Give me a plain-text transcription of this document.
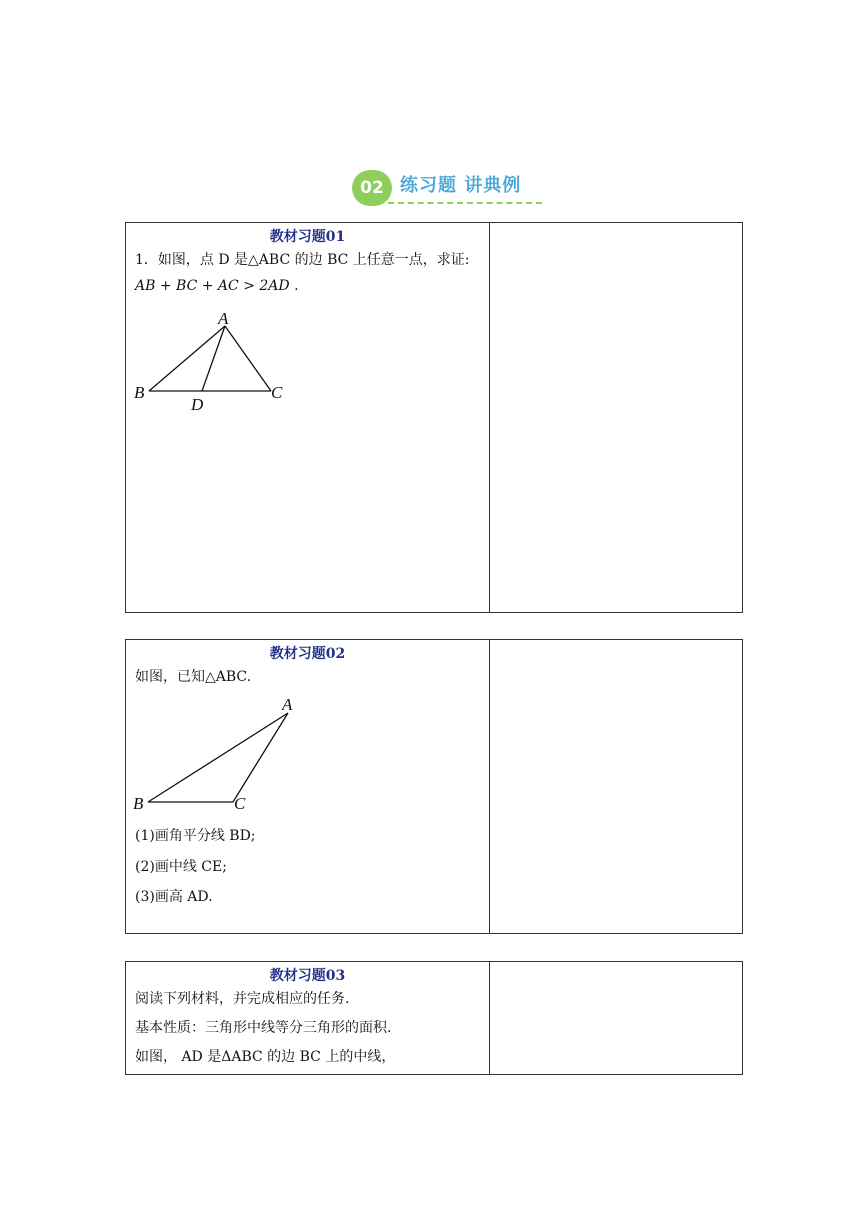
02 练习题 讲典例
教材习题01
1．如图，点 D 是△ABC 的边 BC 上任意一点，求证:
AB + BC + AC > 2AD .
A
B	C
D
教材习题02
如图，已知△ABC.
A
B	C
(1)画角平分线 BD;
(2)画中线 CE;
(3)画高 AD.
教材习题03
阅读下列材料，并完成相应的任务.
基本性质：三角形中线等分三角形的面积.
如图， AD 是ΔABC 的边 BC 上的中线，
